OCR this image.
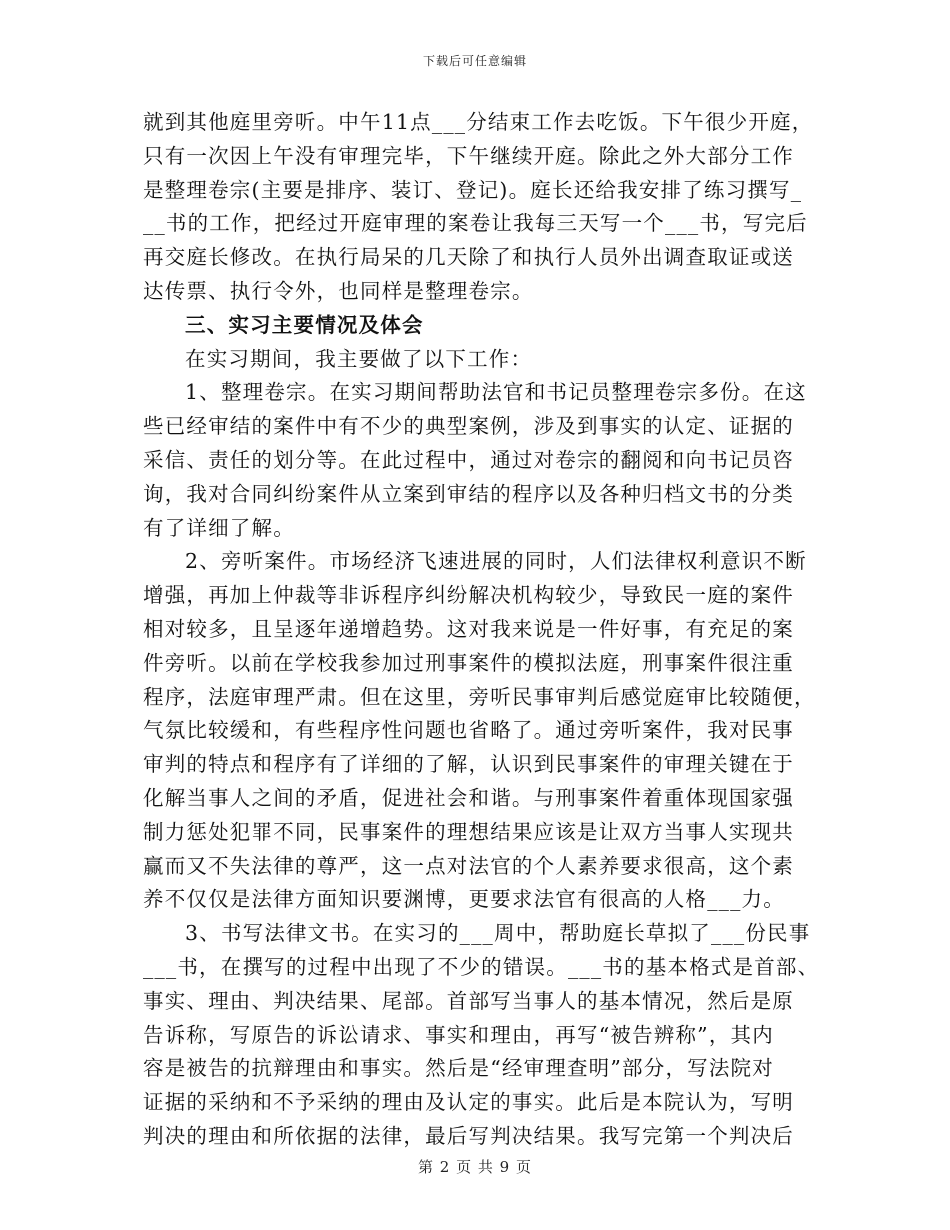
下载后可任意编辑
就到其他庭里旁听。中午11点___分结束工作去吃饭。下午很少开庭，
只有一次因上午没有审理完毕，下午继续开庭。除此之外大部分工作
是整理卷宗(主要是排序、装订、登记)。庭长还给我安排了练习撰写_
__书的工作，把经过开庭审理的案卷让我每三天写一个___书，写完后
再交庭长修改。在执行局呆的几天除了和执行人员外出调查取证或送
达传票、执行令外，也同样是整理卷宗。
三、实习主要情况及体会
在实习期间，我主要做了以下工作：
1、整理卷宗。在实习期间帮助法官和书记员整理卷宗多份。在这
些已经审结的案件中有不少的典型案例，涉及到事实的认定、证据的
采信、责任的划分等。在此过程中，通过对卷宗的翻阅和向书记员咨
询，我对合同纠纷案件从立案到审结的程序以及各种归档文书的分类
有了详细了解。
2、旁听案件。市场经济飞速进展的同时，人们法律权利意识不断
增强，再加上仲裁等非诉程序纠纷解决机构较少，导致民一庭的案件
相对较多，且呈逐年递增趋势。这对我来说是一件好事，有充足的案
件旁听。以前在学校我参加过刑事案件的模拟法庭，刑事案件很注重
程序，法庭审理严肃。但在这里，旁听民事审判后感觉庭审比较随便，
气氛比较缓和，有些程序性问题也省略了。通过旁听案件，我对民事
审判的特点和程序有了详细的了解，认识到民事案件的审理关键在于
化解当事人之间的矛盾，促进社会和谐。与刑事案件着重体现国家强
制力惩处犯罪不同，民事案件的理想结果应该是让双方当事人实现共
赢而又不失法律的尊严，这一点对法官的个人素养要求很高，这个素
养不仅仅是法律方面知识要渊博，更要求法官有很高的人格___力。
3、书写法律文书。在实习的___周中，帮助庭长草拟了___份民事
___书，在撰写的过程中出现了不少的错误。___书的基本格式是首部、
事实、理由、判决结果、尾部。首部写当事人的基本情况，然后是原
告诉称，写原告的诉讼请求、事实和理由，再写“被告辨称”，其内
容是被告的抗辩理由和事实。然后是“经审理查明”部分，写法院对
证据的采纳和不予采纳的理由及认定的事实。此后是本院认为，写明
判决的理由和所依据的法律，最后写判决结果。我写完第一个判决后
第 2 页 共 9 页
